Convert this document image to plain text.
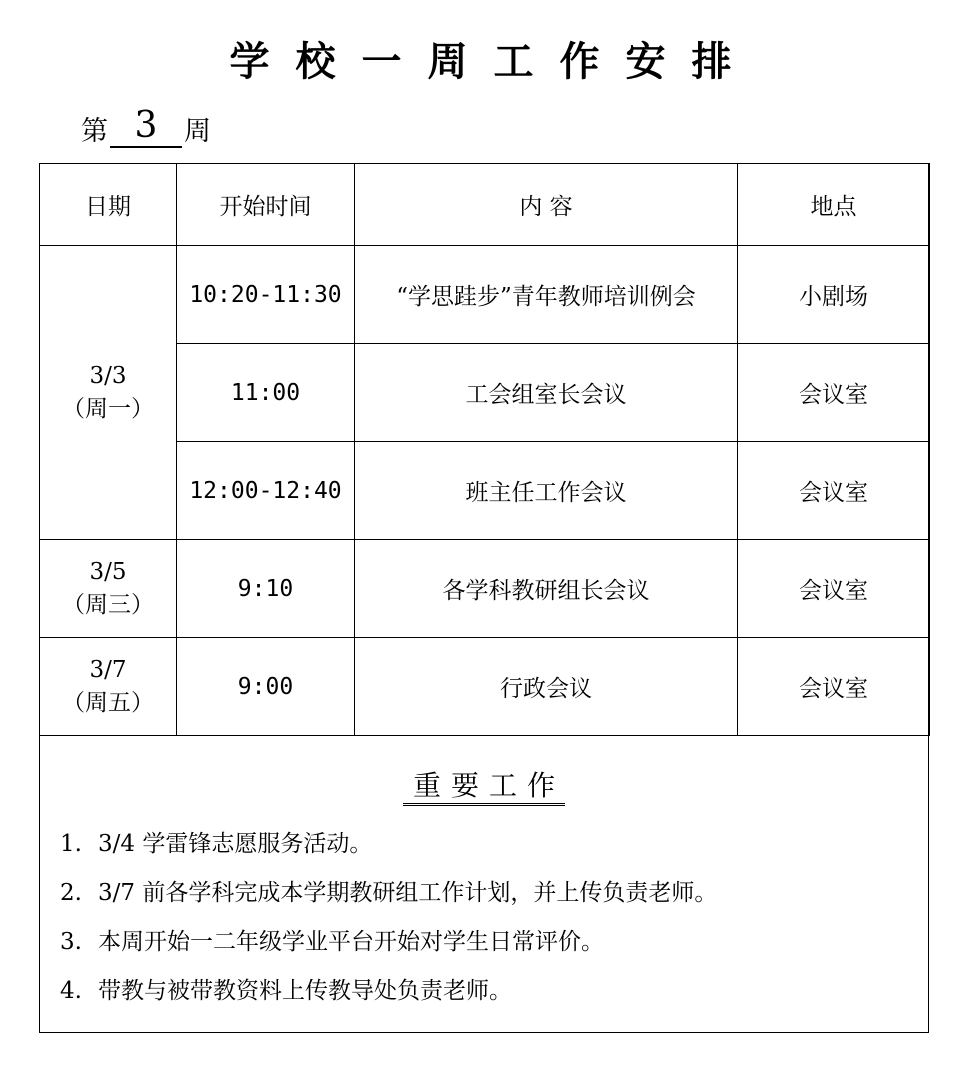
学校一周工作安排
第 3 周
日期	开始时间	内 容	地点

3/3
（周一）	10:20-11:30	“学思跬步”青年教师培训例会	小剧场
	11:00	工会组室长会议	会议室
	12:00-12:40	班主任工作会议	会议室

3/5
（周三）	9:10	各学科教研组长会议	会议室

3/7
（周五）	9:00	行政会议	会议室
重要工作
1. 3/4 学雷锋志愿服务活动。
2. 3/7 前各学科完成本学期教研组工作计划，并上传负责老师。
3. 本周开始一二年级学业平台开始对学生日常评价。
4. 带教与被带教资料上传教导处负责老师。
